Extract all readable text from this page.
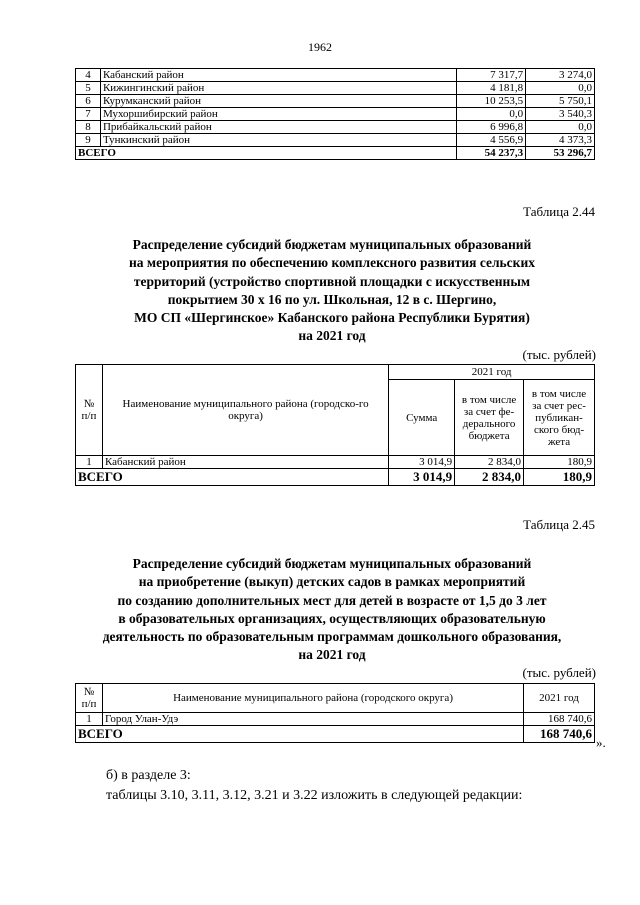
1962
4	Кабанский район	7 317,7	3 274,0
5	Кижингинский район	4 181,8	0,0
6	Курумканский район	10 253,5	5 750,1
7	Мухоршибирский район	0,0	3 540,3
8	Прибайкальский район	6 996,8	0,0
9	Тункинский район	4 556,9	4 373,3
ВСЕГО		54 237,3	53 296,7
Таблица 2.44
Распределение субсидий бюджетам муниципальных образований
на мероприятия по обеспечению комплексного развития сельских
территорий (устройство спортивной площадки с искусственным
покрытием 30 x 16 по ул. Школьная, 12 в с. Шергино,
МО СП «Шергинское» Кабанского района Республики Бурятия)
на 2021 год
(тыс. рублей)
№ п/п	Наименование муниципального района (городско-го округа)	2021 год		
		Сумма	в том числе за счет фе-дерального бюджета	в том числе за счет рес-публикан-ского бюд-жета
1	Кабанский район	3 014,9	2 834,0	180,9
ВСЕГО		3 014,9	2 834,0	180,9
Таблица 2.45
Распределение субсидий бюджетам муниципальных образований
на приобретение (выкуп) детских садов в рамках мероприятий
по созданию дополнительных мест для детей в возрасте от 1,5 до 3 лет
в образовательных организациях, осуществляющих образовательную
деятельность по образовательным программам дошкольного образования,
на 2021 год
(тыс. рублей)
№ п/п	Наименование муниципального района (городского округа)	2021 год
1	Город Улан-Удэ	168 740,6
ВСЕГО		168 740,6
».
б) в разделе 3:
таблицы 3.10, 3.11, 3.12, 3.21 и 3.22 изложить в следующей редакции:
